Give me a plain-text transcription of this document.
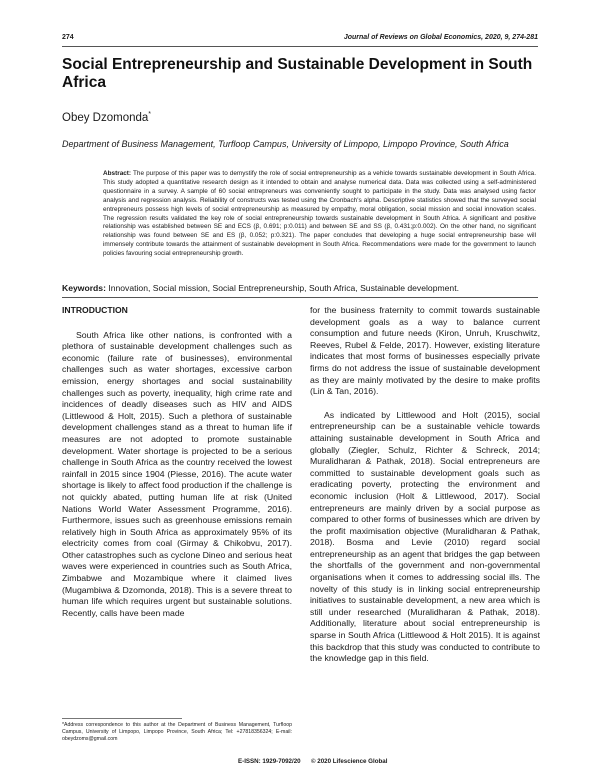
274	Journal of Reviews on Global Economics, 2020, 9, 274-281
Social Entrepreneurship and Sustainable Development in South Africa
Obey Dzomonda*
Department of Business Management, Turfloop Campus, University of Limpopo, Limpopo Province, South Africa
Abstract: The purpose of this paper was to demystify the role of social entrepreneurship as a vehicle towards sustainable development in South Africa. This study adopted a quantitative research design as it intended to obtain and analyse numerical data. Data was collected using a self-administered questionnaire in a survey. A sample of 60 social entrepreneurs was conveniently sought to participate in the study. Data was analysed using factor analysis and regression analysis. Reliability of constructs was tested using the Cronbach's alpha. Descriptive statistics showed that the surveyed social entrepreneurs possess high levels of social entrepreneurship as measured by empathy, moral obligation, social mission and social innovation scales. The regression results validated the key role of social entrepreneurship towards sustainable development in South Africa. A significant and positive relationship was established between SE and ECS (β, 0.691; p:0.011) and between SE and SS (β, 0.431;p:0.002). On the other hand, no significant relationship was found between SE and ES (β, 0.052; p:0.321). The paper concludes that developing a huge social entrepreneurship base will immensely contribute towards the attainment of sustainable development in South Africa. Recommendations were made for the government to launch policies favouring social entrepreneurship growth.
Keywords: Innovation, Social mission, Social Entrepreneurship, South Africa, Sustainable development.
INTRODUCTION

South Africa like other nations, is confronted with a plethora of sustainable development challenges such as economic (failure rate of businesses), environmental challenges such as water shortages, excessive carbon emission, energy shortages and social sustainability challenges such as poverty, inequality, high crime rate and incidences of deadly diseases such as HIV and AIDS (Littlewood & Holt, 2015). Such a plethora of sustainable development challenges stand as a threat to human life if measures are not adopted to promote sustainable development. Water shortage is projected to be a serious challenge in South Africa as the country received the lowest rainfall in 2015 since 1904 (Piesse, 2016). The acute water shortage is likely to affect food production if the challenge is not quickly abated, putting human life at risk (United Nations World Water Assessment Programme, 2016). Furthermore, issues such as greenhouse emissions remain relatively high in South Africa as approximately 95% of its electricity comes from coal (Girmay & Chikobvu, 2017). Other catastrophes such as cyclone Dineo and serious heat waves were experienced in countries such as South Africa, Zimbabwe and Mozambique where it claimed lives (Mugambiwa & Dzomonda, 2018). This is a severe threat to human life which requires urgent but sustainable solutions. Recently, calls have been made

for the business fraternity to commit towards sustainable development goals as a way to balance current consumption and future needs (Kiron, Unruh, Kruschwitz, Reeves, Rubel & Felde, 2017). However, existing literature indicates that most forms of businesses especially private firms do not address the issue of sustainable development as they are mainly motivated by the desire to make profits (Lin & Tan, 2016).

As indicated by Littlewood and Holt (2015), social entrepreneurship can be a sustainable vehicle towards attaining sustainable development in South Africa and globally (Ziegler, Schulz, Richter & Schreck, 2014; Muralidharan & Pathak, 2018). Social entrepreneurs are committed to sustainable development goals such as eradicating poverty, protecting the environment and economic inclusion (Holt & Littlewood, 2017). Social entrepreneurs are mainly driven by a social purpose as compared to other forms of businesses which are driven by the profit maximisation objective (Muralidharan & Pathak, 2018). Bosma and Levie (2010) regard social entrepreneurship as an agent that bridges the gap between the shortfalls of the government and non-governmental organisations when it comes to addressing social ills. The novelty of this study is in linking social entrepreneurship initiatives to sustainable development, a new area which is still under researched (Muralidharan & Pathak, 2018). Additionally, literature about social entrepreneurship is sparse in South Africa (Littlewood & Holt 2015). It is against this backdrop that this study was conducted to contribute to the knowledge gap in this field.

*Address correspondence to this author at the Department of Business Management, Turfloop Campus, University of Limpopo, Limpopo Province, South Africa; Tel: +27818356324; E-mail: obeydzoms@gmail.com
E-ISSN: 1929-7092/20 © 2020 Lifescience Global
